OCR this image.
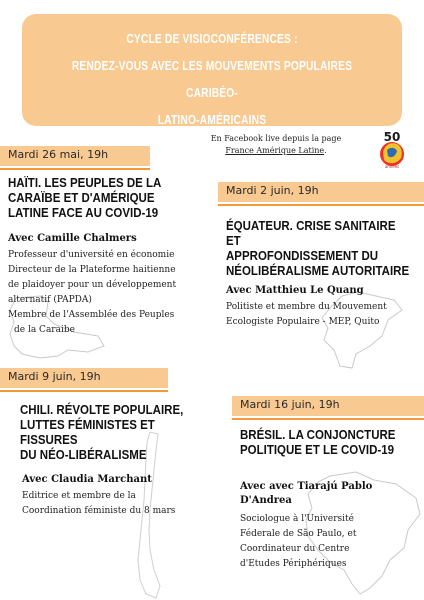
CYCLE DE VISIOCONFÉRENCES :
RENDEZ-VOUS AVEC LES MOUVEMENTS POPULAIRES CARIBÉO-
LATINO-AMÉRICAINS
En Facebook live depuis la page
France Amérique Latine.
50
années
Mardi 26 mai, 19h
HAÏTI. LES PEUPLES DE LA
CARAÏBE ET D'AMÉRIQUE
LATINE FACE AU COVID-19
Avec Camille Chalmers
Professeur d'université en économie
Directeur de la Plateforme haitienne
de plaidoyer pour un développement
alternatif (PAPDA)
Membre de l'Assemblée des Peuples
de la Caraibe
Mardi 2 juin, 19h
ÉQUATEUR. CRISE SANITAIRE ET
APPROFONDISSEMENT DU
NÉOLIBÉRALISME AUTORITAIRE
Avec Matthieu Le Quang
Politiste et membre du Mouvement
Ecologiste Populaire - MEP, Quito
Mardi 9 juin, 19h
CHILI. RÉVOLTE POPULAIRE,
LUTTES FÉMINISTES ET FISSURES
DU NÉO-LIBÉRALISME
Avec Claudia Marchant
Editrice et membre de la
Coordination féministe du 8 mars
Mardi 16 juin, 19h
BRÉSIL. LA CONJONCTURE
POLITIQUE ET LE COVID-19
Avec avec Tiarajú Pablo
D'Andrea
Sociologue à l'Université
Féderale de São Paulo, et
Coordinateur du Centre
d'Etudes Périphériques
